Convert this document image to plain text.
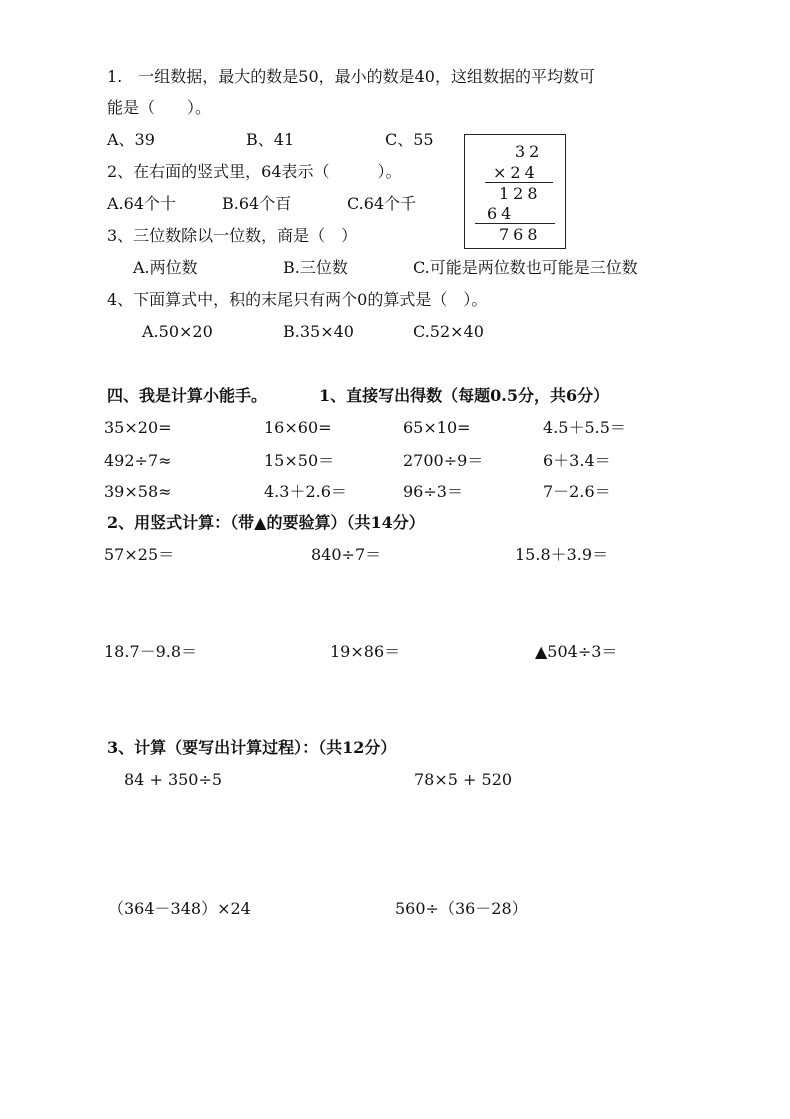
1.　一组数据，最大的数是50，最小的数是40，这组数据的平均数可
能是（　　）。
A、39	B、41	C、55
2、在右面的竖式里，64表示（　　　）。
A.64个十	B.64个百	C.64个千
3、三位数除以一位数，商是（　）
A.两位数	B.三位数	C.可能是两位数也可能是三位数
4、下面算式中，积的末尾只有两个0的算式是（　）。
A.50×20	B.35×40	C.52×40
32
×24
128
64
768
四、我是计算小能手。	1、直接写出得数（每题0.5分，共6分）
35×20=	16×60=	65×10=	4.5＋5.5＝
492÷7≈	15×50＝	2700÷9＝	6＋3.4＝
39×58≈	4.3＋2.6＝	96÷3＝	7－2.6＝
2、用竖式计算：（带▲的要验算）（共14分）
57×25＝	840÷7＝	15.8＋3.9＝
18.7－9.8＝	19×86＝	▲504÷3＝
3、计算（要写出计算过程）：（共12分）
84 + 350÷5	78×5 + 520
（364－348）×24	560÷（36－28）
